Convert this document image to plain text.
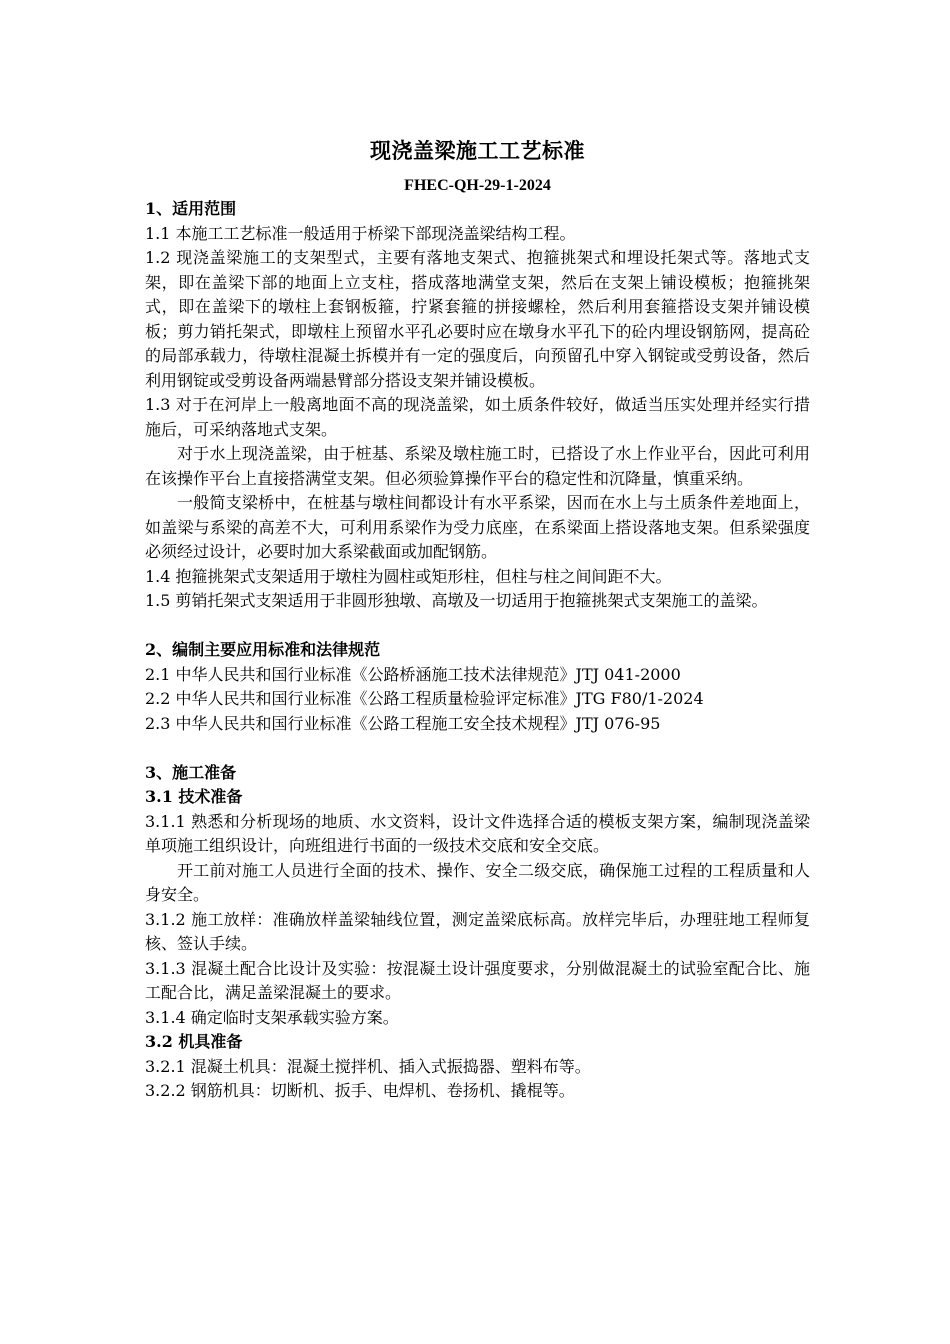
现浇盖梁施工工艺标准
FHEC-QH-29-1-2024

1、适用范围

1.1 本施工工艺标准一般适用于桥梁下部现浇盖梁结构工程。

1.2 现浇盖梁施工的支架型式，主要有落地支架式、抱箍挑架式和埋设托架式等。落地式支架，即在盖梁下部的地面上立支柱，搭成落地满堂支架，然后在支架上铺设模板；抱箍挑架式，即在盖梁下的墩柱上套钢板箍，拧紧套箍的拼接螺栓，然后利用套箍搭设支架并铺设模板；剪力销托架式，即墩柱上预留水平孔必要时应在墩身水平孔下的砼内埋设钢筋网，提高砼的局部承载力，待墩柱混凝土拆模并有一定的强度后，向预留孔中穿入钢锭或受剪设备，然后利用钢锭或受剪设备两端悬臂部分搭设支架并铺设模板。

1.3 对于在河岸上一般离地面不高的现浇盖梁，如土质条件较好，做适当压实处理并经实行措施后，可采纳落地式支架。

对于水上现浇盖梁，由于桩基、系梁及墩柱施工时，已搭设了水上作业平台，因此可利用在该操作平台上直接搭满堂支架。但必须验算操作平台的稳定性和沉降量，慎重采纳。

一般简支梁桥中，在桩基与墩柱间都设计有水平系梁，因而在水上与土质条件差地面上，如盖梁与系梁的高差不大，可利用系梁作为受力底座，在系梁面上搭设落地支架。但系梁强度必须经过设计，必要时加大系梁截面或加配钢筋。

1.4 抱箍挑架式支架适用于墩柱为圆柱或矩形柱，但柱与柱之间间距不大。

1.5 剪销托架式支架适用于非圆形独墩、高墩及一切适用于抱箍挑架式支架施工的盖梁。

2、编制主要应用标准和法律规范

2.1 中华人民共和国行业标准《公路桥涵施工技术法律规范》JTJ 041-2000

2.2 中华人民共和国行业标准《公路工程质量检验评定标准》JTG F80/1-2024

2.3 中华人民共和国行业标准《公路工程施工安全技术规程》JTJ 076-95

3、施工准备

3.1 技术准备

3.1.1 熟悉和分析现场的地质、水文资料，设计文件选择合适的模板支架方案，编制现浇盖梁单项施工组织设计，向班组进行书面的一级技术交底和安全交底。

开工前对施工人员进行全面的技术、操作、安全二级交底，确保施工过程的工程质量和人身安全。

3.1.2 施工放样：准确放样盖梁轴线位置，测定盖梁底标高。放样完毕后，办理驻地工程师复核、签认手续。

3.1.3 混凝土配合比设计及实验：按混凝土设计强度要求，分别做混凝土的试验室配合比、施工配合比，满足盖梁混凝土的要求。

3.1.4 确定临时支架承载实验方案。

3.2 机具准备

3.2.1 混凝土机具：混凝土搅拌机、插入式振捣器、塑料布等。

3.2.2 钢筋机具：切断机、扳手、电焊机、卷扬机、撬棍等。
